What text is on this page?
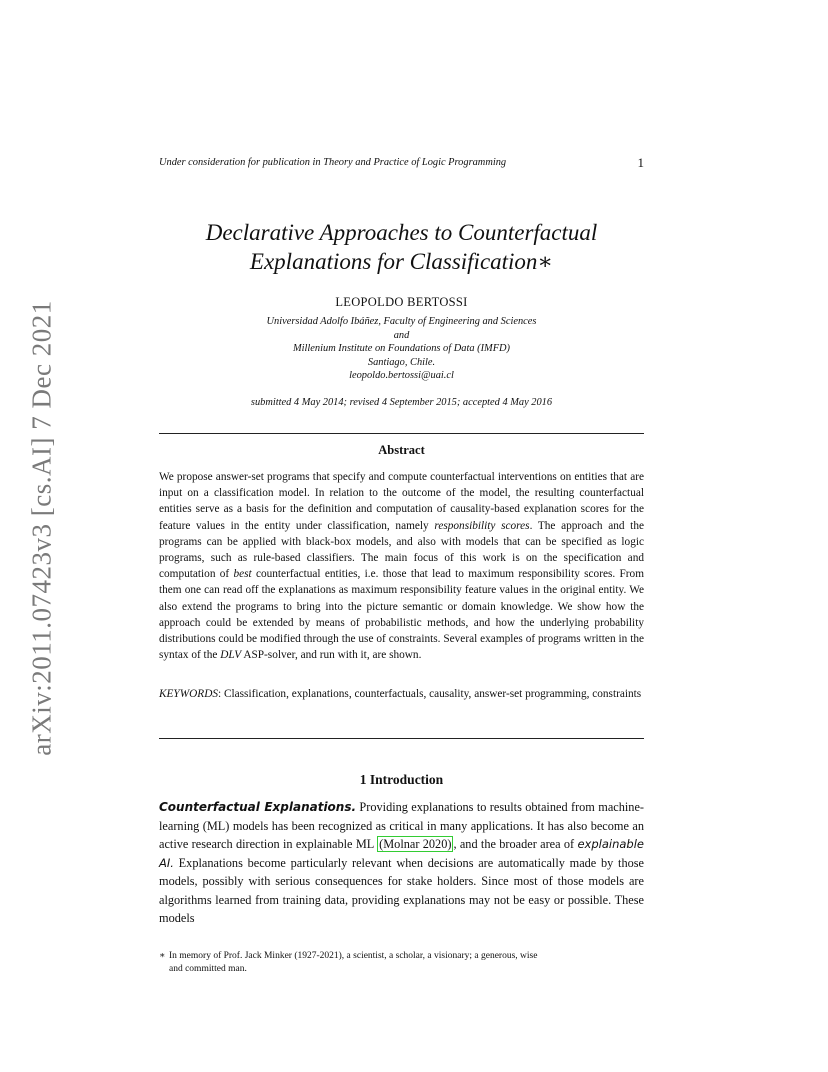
arXiv:2011.07423v3 [cs.AI] 7 Dec 2021
Under consideration for publication in Theory and Practice of Logic Programming	1
Declarative Approaches to Counterfactual
Explanations for Classification∗
LEOPOLDO BERTOSSI
Universidad Adolfo Ibáñez, Faculty of Engineering and Sciences
and
Millenium Institute on Foundations of Data (IMFD)
Santiago, Chile.
leopoldo.bertossi@uai.cl
submitted 4 May 2014; revised 4 September 2015; accepted 4 May 2016
Abstract
We propose answer-set programs that specify and compute counterfactual interventions on entities that are input on a classification model. In relation to the outcome of the model, the resulting counterfactual entities serve as a basis for the definition and computation of causality-based explanation scores for the feature values in the entity under classification, namely responsibility scores. The approach and the programs can be applied with black-box models, and also with models that can be specified as logic programs, such as rule-based classifiers. The main focus of this work is on the specification and computation of best counterfactual entities, i.e. those that lead to maximum responsibility scores. From them one can read off the explanations as maximum responsibility feature values in the original entity. We also extend the programs to bring into the picture semantic or domain knowledge. We show how the approach could be extended by means of probabilistic methods, and how the underlying probability distributions could be modified through the use of constraints. Several examples of programs written in the syntax of the DLV ASP-solver, and run with it, are shown.
KEYWORDS: Classification, explanations, counterfactuals, causality, answer-set programming, constraints
1 Introduction
Counterfactual Explanations. Providing explanations to results obtained from machine-learning (ML) models has been recognized as critical in many applications. It has also become an active research direction in explainable ML (Molnar 2020) , and the broader area of explainable AI. Explanations become particularly relevant when decisions are automatically made by those models, possibly with serious consequences for stake holders. Since most of those models are algorithms learned from training data, providing explanations may not be easy or possible. These models
∗ In memory of Prof. Jack Minker (1927-2021), a scientist, a scholar, a visionary; a generous, wise
and committed man.
